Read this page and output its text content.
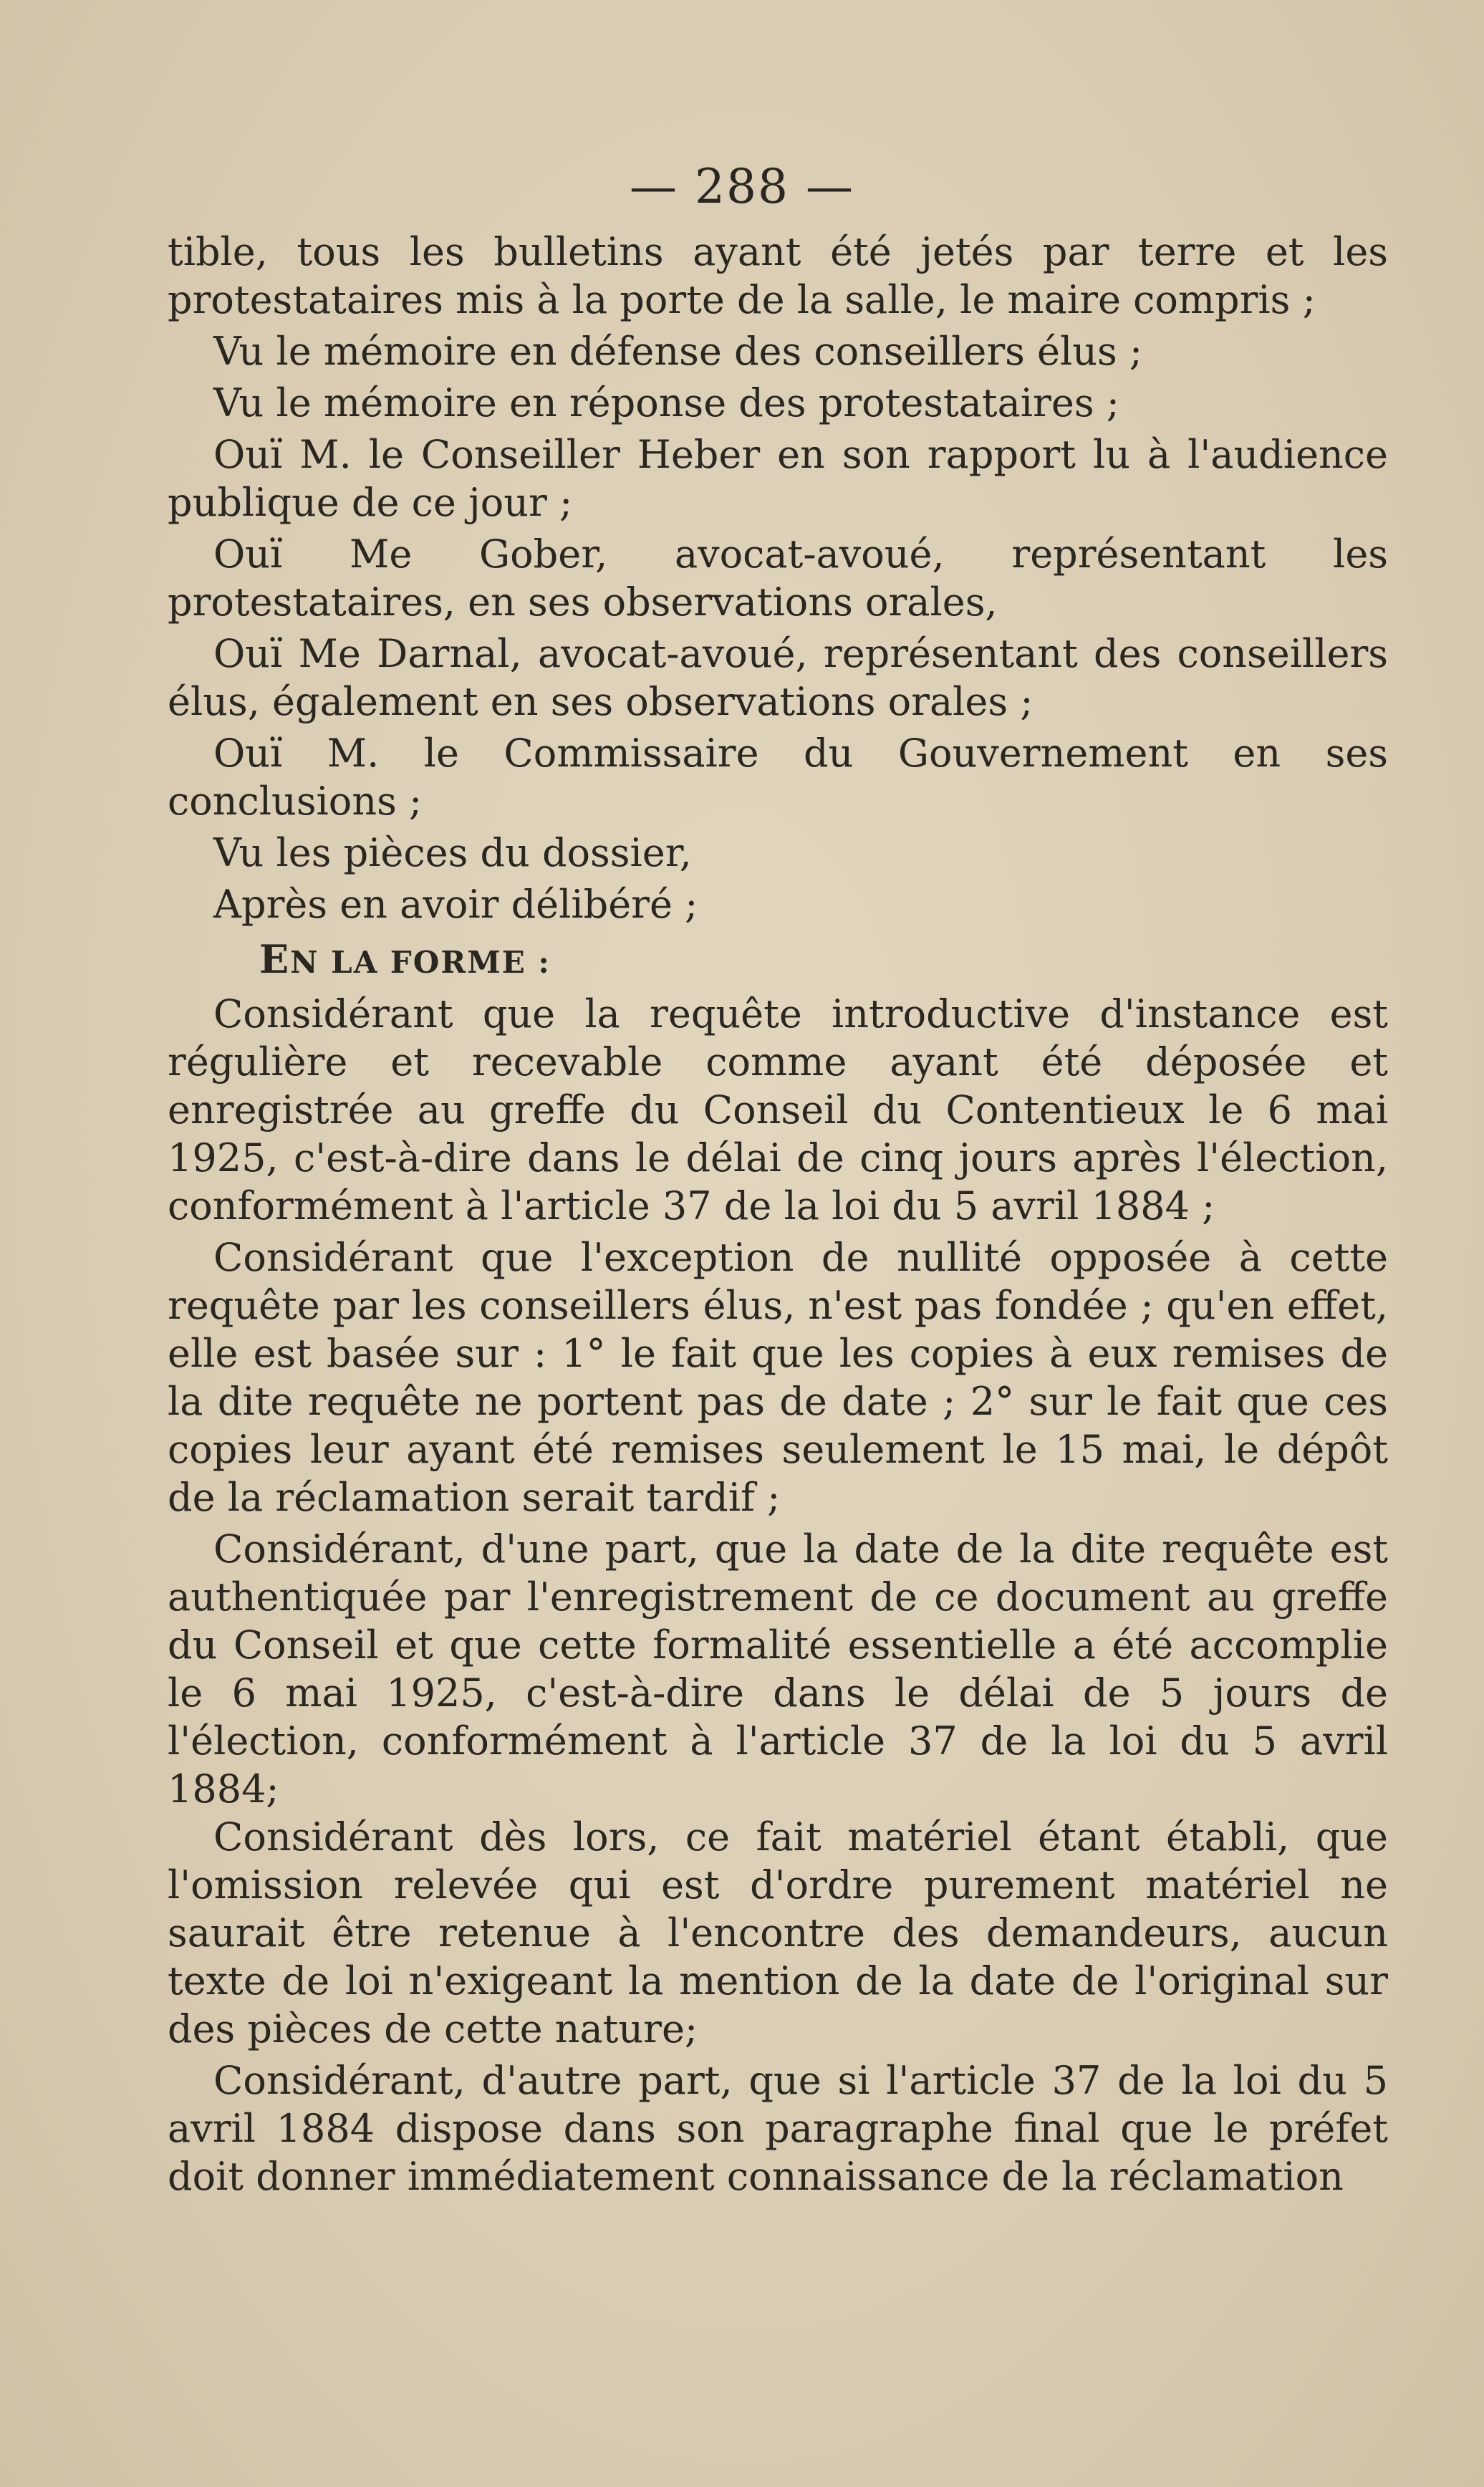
— 288 —

tible, tous les bulletins ayant été jetés par terre et les protestataires mis à la porte de la salle, le maire compris ;

Vu le mémoire en défense des conseillers élus ;

Vu le mémoire en réponse des protestataires ;

Ouï M. le Conseiller Heber en son rapport lu à l'audience publique de ce jour ;

Ouï Me Gober, avocat-avoué, représentant les protestataires, en ses observations orales,

Ouï Me Darnal, avocat-avoué, représentant des conseillers élus, également en ses observations orales ;

Ouï M. le Commissaire du Gouvernement en ses conclusions ;

Vu les pièces du dossier,

Après en avoir délibéré ;

EN LA FORME :

Considérant que la requête introductive d'instance est régulière et recevable comme ayant été déposée et enregistrée au greffe du Conseil du Contentieux le 6 mai 1925, c'est-à-dire dans le délai de cinq jours après l'élection, conformément à l'article 37 de la loi du 5 avril 1884 ;

Considérant que l'exception de nullité opposée à cette requête par les conseillers élus, n'est pas fondée ; qu'en effet, elle est basée sur : 1° le fait que les copies à eux remises de la dite requête ne portent pas de date ; 2° sur le fait que ces copies leur ayant été remises seulement le 15 mai, le dépôt de la réclamation serait tardif ;

Considérant, d'une part, que la date de la dite requête est authentiquée par l'enregistrement de ce document au greffe du Conseil et que cette formalité essentielle a été accomplie le 6 mai 1925, c'est-à-dire dans le délai de 5 jours de l'élection, conformément à l'article 37 de la loi du 5 avril 1884;

Considérant dès lors, ce fait matériel étant établi, que l'omission relevée qui est d'ordre purement matériel ne saurait être retenue à l'encontre des demandeurs, aucun texte de loi n'exigeant la mention de la date de l'original sur des pièces de cette nature;

Considérant, d'autre part, que si l'article 37 de la loi du 5 avril 1884 dispose dans son paragraphe final que le préfet doit donner immédiatement connaissance de la réclamation
